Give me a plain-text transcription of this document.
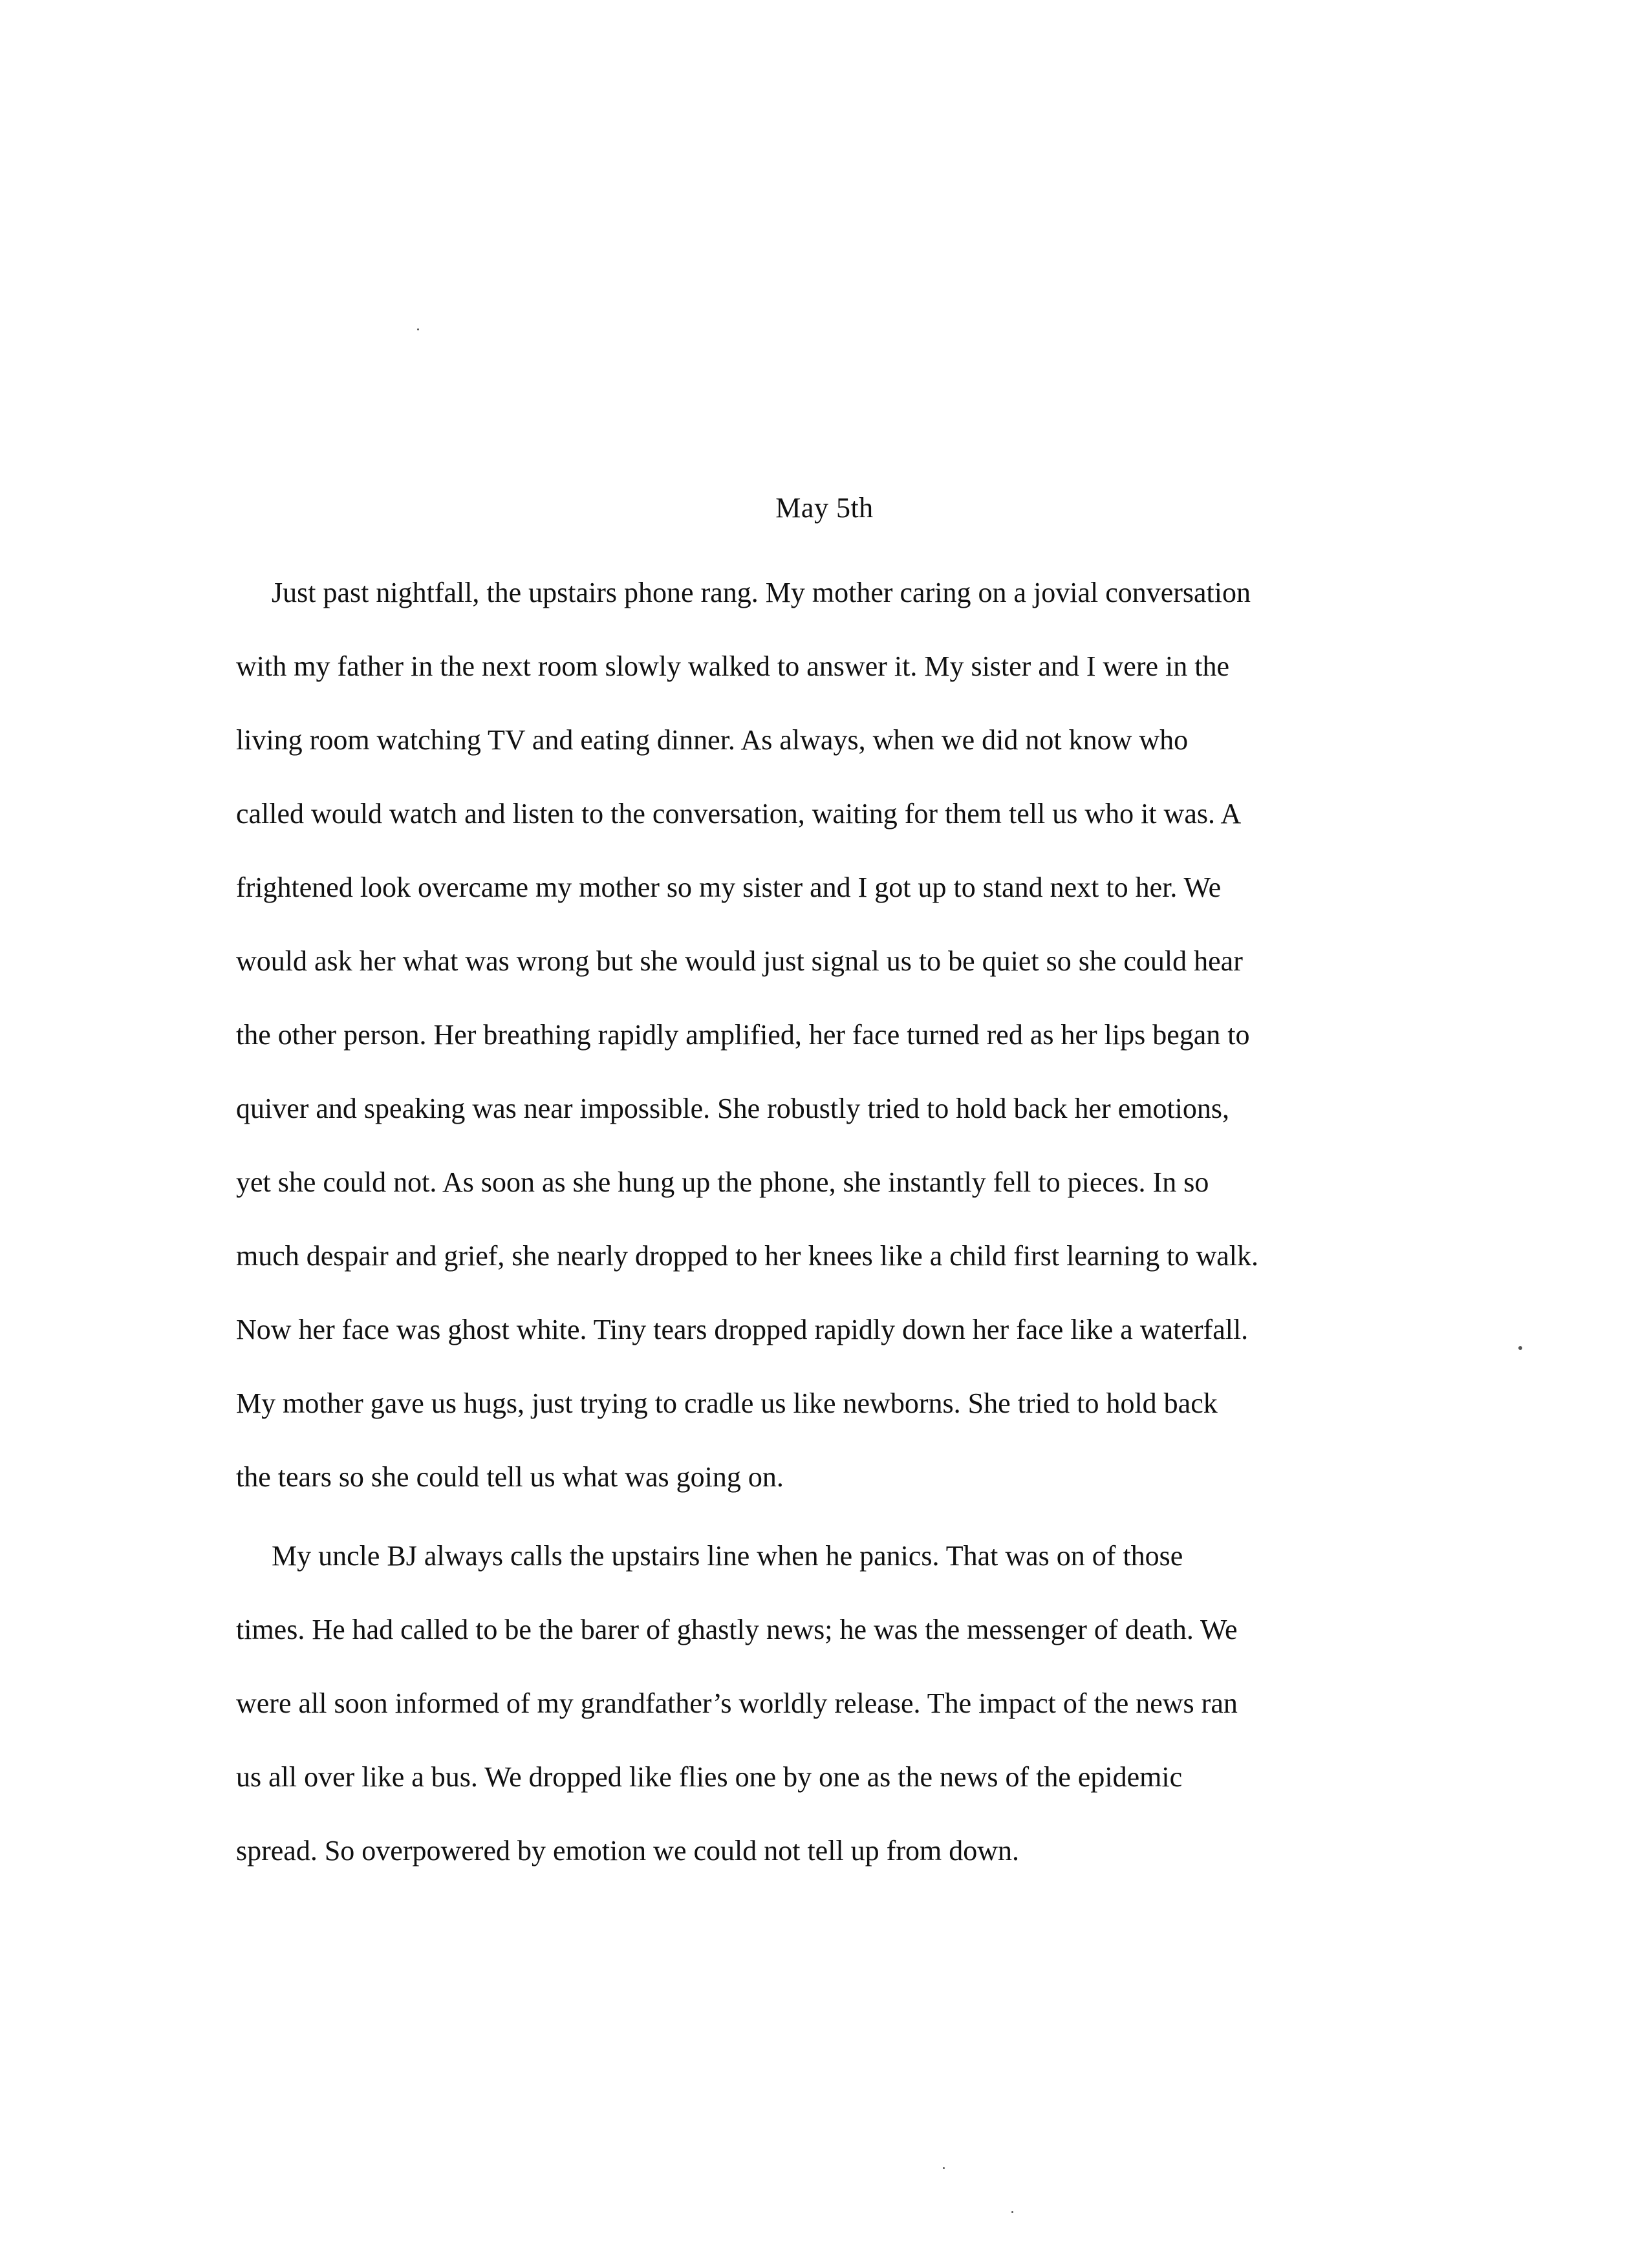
May 5th
Just past nightfall, the upstairs phone rang. My mother caring on a jovial conversation
with my father in the next room slowly walked to answer it. My sister and I were in the
living room watching TV and eating dinner. As always, when we did not know who
called would watch and listen to the conversation, waiting for them tell us who it was. A
frightened look overcame my mother so my sister and I got up to stand next to her. We
would ask her what was wrong but she would just signal us to be quiet so she could hear
the other person. Her breathing rapidly amplified, her face turned red as her lips began to
quiver and speaking was near impossible. She robustly tried to hold back her emotions,
yet she could not. As soon as she hung up the phone, she instantly fell to pieces. In so
much despair and grief, she nearly dropped to her knees like a child first learning to walk.
Now her face was ghost white. Tiny tears dropped rapidly down her face like a waterfall.
My mother gave us hugs, just trying to cradle us like newborns. She tried to hold back
the tears so she could tell us what was going on.
My uncle BJ always calls the upstairs line when he panics. That was on of those
times. He had called to be the barer of ghastly news; he was the messenger of death. We
were all soon informed of my grandfather’s worldly release. The impact of the news ran
us all over like a bus. We dropped like flies one by one as the news of the epidemic
spread. So overpowered by emotion we could not tell up from down.
